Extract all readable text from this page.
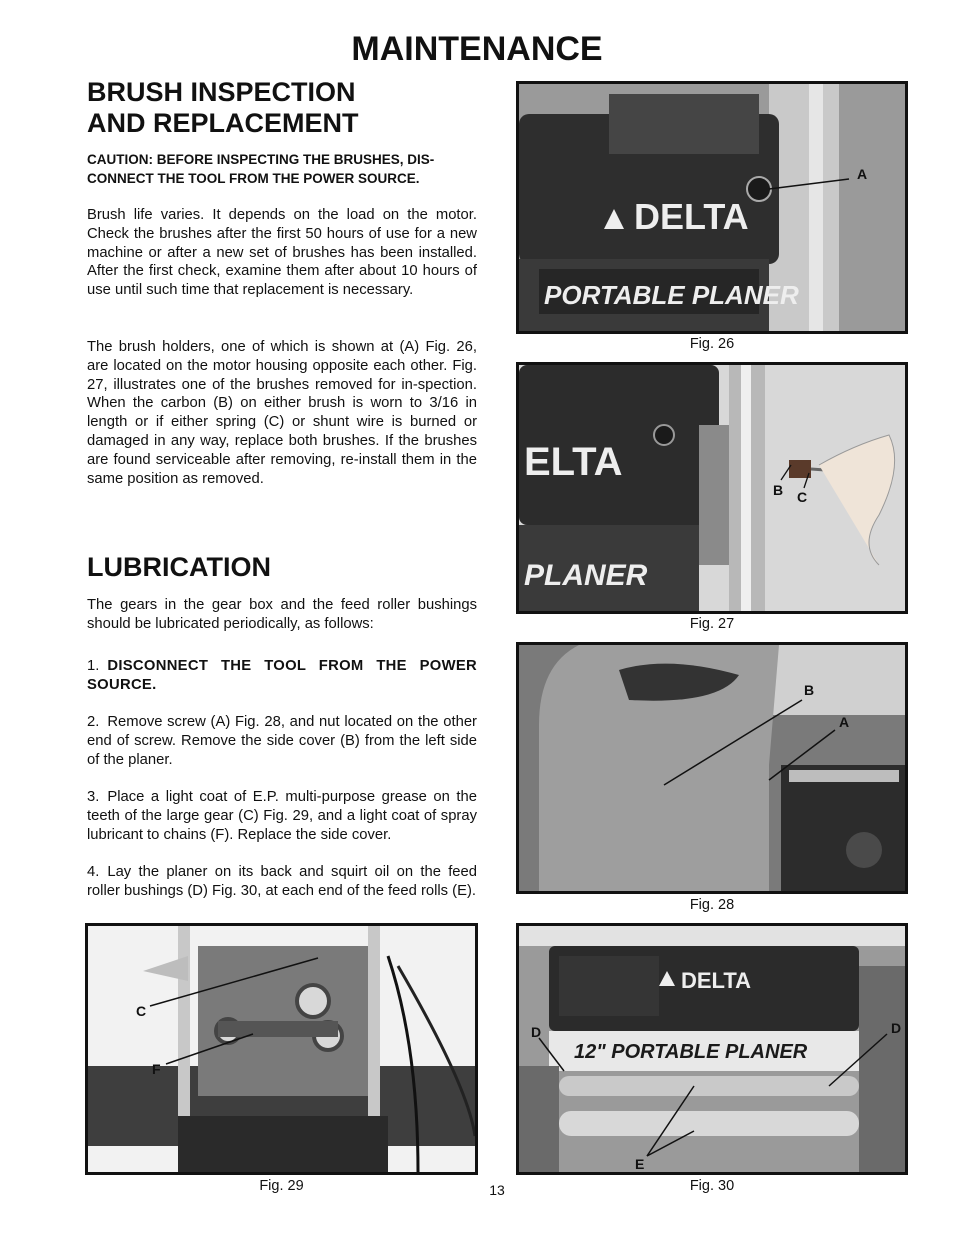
MAINTENANCE
BRUSH INSPECTION
AND REPLACEMENT
CAUTION: BEFORE INSPECTING THE BRUSHES, DIS-
CONNECT THE TOOL FROM THE POWER SOURCE.
Brush life varies. It depends on the load on the motor. Check the brushes after the first 50 hours of use for a new machine or after a new set of brushes has been installed. After the first check, examine them after about 10 hours of use until such time that replacement is necessary.
The brush holders, one of which is shown at (A) Fig. 26, are located on the motor housing opposite each other. Fig. 27, illustrates one of the brushes removed for in-spection. When the carbon (B) on either brush is worn to 3/16 in length or if either spring (C) or shunt wire is burned or damaged in any way, replace both brushes. If the brushes are found serviceable after removing, re-install them in the same position as removed.
LUBRICATION
The gears in the gear box and the feed roller bushings should be lubricated periodically, as follows:
1. DISCONNECT THE TOOL FROM THE POWER SOURCE.
2. Remove screw (A) Fig. 28, and nut located on the other end of screw. Remove the side cover (B) from the left side of the planer.
3. Place a light coat of E.P. multi-purpose grease on the teeth of the large gear (C) Fig. 29, and a light coat of spray lubricant to chains (F). Replace the side cover.
4. Lay the planer on its back and squirt oil on the feed roller bushings (D) Fig. 30, at each end of the feed rolls (E).
DELTA
PORTABLE PLANER
A
Fig. 26
ELTA
PLANER
B C
Fig. 27
B
A
Fig. 28
C
F
Fig. 29
DELTA
12" PORTABLE PLANER
D	D
E
Fig. 30
13
